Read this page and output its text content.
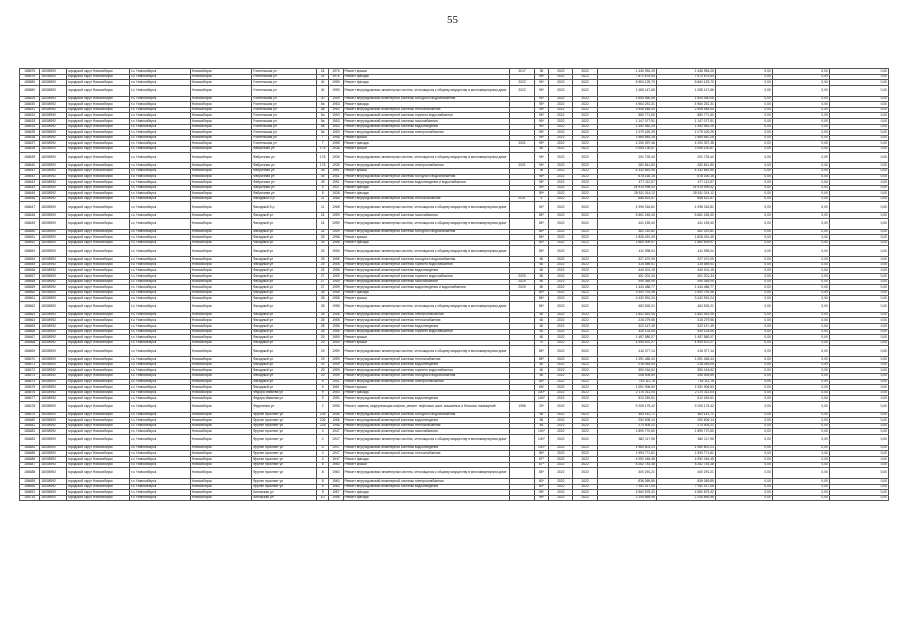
55
186875	18008992	городской округ Новосибирск	г.о. Новосибирск	Новосибирск	Учительская ул	24	1976	Ремонт крыши	2017	35	2022	2022	1 446 954,25	1 446 954,25	0,00	0,00	0,00
186876	18008992	городской округ Новосибирск	г.о. Новосибирск	Новосибирск	Учительская ул	24	1976	Ремонт фасада		95*	2022	2022	7 672 675,44	7 672 675,44	0,00	0,00	0,00
186580	18008992	городской округ Новосибирск	г.о. Новосибирск	Новосибирск	Учительская ул	40	1959	Ремонт фасада	2022	95*	2022	2022	5 654 129,70	5 654 129,70	0,00	0,00	0,00
186580	18008992	городской округ Новосибирск	г.о. Новосибирск	Новосибирск	Учительская ул	40	1959	Ремонт внутридомовых инженерных систем, относящихся к общему имуществу в многоквартирном доме	2022	95*	2022	2022	1 055 147,66	1 055 147,66	0,00	0,00	0,00
186629	18008992	городской округ Новосибирск	г.о. Новосибирск	Новосибирск	Учительская ул	40	1959	Ремонт внутридомовой инженерной системы холодного водоснабжения		95*	2022	2022	1 604 460,06	1 604 460,06	0,00	0,00	0,00
186630	18008992	городской округ Новосибирск	г.о. Новосибирск	Новосибирск	Учительская ул	5а	1953	Ремонт фасада		95*	2022	2022	4 964 251,31	4 964 251,31	0,00	0,00	0,00
186631	18008992	городской округ Новосибирск	г.о. Новосибирск	Новосибирск	Учительская ул	5а	1953	Ремонт внутридомовой инженерной системы теплоснабжения		95*	2022	2022	2 908 548,00	2 908 548,00	0,00	0,00	0,00
186632	18008992	городской округ Новосибирск	г.о. Новосибирск	Новосибирск	Учительская ул	5а	1953	Ремонт внутридомовой инженерной системы горячего водоснабжения		95*	2022	2022	880 771,60	880 771,60	0,00	0,00	0,00
186633	18008992	городской округ Новосибирск	г.о. Новосибирск	Новосибирск	Учительская ул	5а	1953	Ремонт внутридомовой инженерной системы газоснабжения		95*	2022	2022	1 147 077,51	1 147 077,51	0,00	0,00	0,00
186634	18008992	городской округ Новосибирск	г.о. Новосибирск	Новосибирск	Учительская ул	5а	1953	Ремонт внутридомовой инженерной системы водоотведения		95*	2022	2022	1 492 962,25	1 492 962,25	0,00	0,00	0,00
186635	18008992	городской округ Новосибирск	г.о. Новосибирск	Новосибирск	Учительская ул	5а	1953	Ремонт внутридомовой инженерной системы электроснабжения		95*	2022	2022	1 079 420,29	1 079 420,29	0,00	0,00	0,00
186636	18008992	городской округ Новосибирск	г.о. Новосибирск	Новосибирск	Учительская ул	7	1958	Ремонт крыши		95*	2022	2022	2 569 640,28	2 569 640,28	0,00	0,00	0,00
186637	18008992	городской округ Новосибирск	г.о. Новосибирск	Новосибирск	Учительская ул	7	1958	Ремонт фасада	2021	95*	2022	2022	4 200 397,46	4 200 397,46	0,00	0,00	0,00
186638	18008992	городской округ Новосибирск	г.о. Новосибирск	Новосибирск	Фабричная ул	176	1936	Ремонт крыши		80	2022	2022	2 054 130,87	2 054 130,87	0,00	0,00	0,00
186639	18008992	городской округ Новосибирск	г.о. Новосибирск	Новосибирск	Фабричная ул	176	1936	Ремонт внутридомовых инженерных систем, относящихся к общему имуществу в многоквартирном доме		95*	2022	2022	291 725,40	291 725,40	0,00	0,00	0,00
186640	18008992	городской округ Новосибирск	г.о. Новосибирск	Новосибирск	Фабричная ул	176	1936	Ремонт внутридомовой инженерной системы электроснабжения	2021	95*	2022	2022	282 841,80	282 841,80	0,00	0,00	0,00
186641	18008992	городской округ Новосибирск	г.о. Новосибирск	Новосибирск	Фабричная ул	49	1951	Ремонт крыши		95	2022	2022	4 332 661,95	4 332 661,95	0,00	0,00	0,00
186642	18008992	городской округ Новосибирск	г.о. Новосибирск	Новосибирск	Фабричная ул	49	1951	Ремонт внутридомовой инженерной системы холодного водоснабжения		95*	2022	2022	678 160,15	678 160,15	0,00	0,00	0,00
186643	18008992	городской округ Новосибирск	г.о. Новосибирск	Новосибирск	Фабричная ул	49	1951	Ремонт внутридомовой инженерной системы водоотведения и водоснабжения		95*	2022	2022	477 112,57	477 112,57	0,00	0,00	0,00
186644	18008992	городской округ Новосибирск	г.о. Новосибирск	Новосибирск	Фабричная ул	5	1937	Ремонт фасада		95*	2022	2022	24 914 999,42	24 914 999,42	0,00	0,00	0,00
186645	18008992	городской округ Новосибирск	г.о. Новосибирск	Новосибирск	Фабричная ул	5	1936	Ремонт фасада		89*	2022	2022	28 511 014,12	28 511 014,12	0,00	0,00	0,00
186646	18008992	городской округ Новосибирск	г.о. Новосибирск	Новосибирск	Фасадный б-р	11	1968	Ремонт внутридомовой инженерной системы теплоснабжения	2021	5	2022	2022	658 522,57	658 522,57	0,00	0,00	0,00
186647	18008992	городской округ Новосибирск	г.о. Новосибирск	Новосибирск	Фасадный б-р	11	1968	Ремонт внутридомовых инженерных систем, относящихся к общему имуществу в многоквартирном доме		52*	2022	2022	4 396 316,81	4 396 316,81	0,00	0,00	0,00
186648	18008992	городской округ Новосибирск	г.о. Новосибирск	Новосибирск	Фасадный ул	24	1959	Ремонт внутридомовой инженерной системы газоснабжения		85*	2022	2022	5 661 245,40	5 661 245,40	0,00	0,00	0,00
186649	18008992	городской округ Новосибирск	г.о. Новосибирск	Новосибирск	Фасадный ул	24	1959	Ремонт внутридомовых инженерных систем, относящихся к общему имуществу в многоквартирном доме		85*	2022	2022	441 159,40	441 159,40	0,00	0,00	0,00
186650	18008992	городской округ Новосибирск	г.о. Новосибирск	Новосибирск	Фасадный ул	24	1959	Ремонт внутридомовой инженерной системы холодного водоснабжения		85*	2022	2022	362 210,81	362 210,81	0,00	0,00	0,00
186651	18008992	городской округ Новосибирск	г.о. Новосибирск	Новосибирск	Фасадный ул	25	1956	Ремонт крыши		85*	2022	2022	1 826 491,49	1 826 491,49	0,00	0,00	0,00
186652	18008992	городской округ Новосибирск	г.о. Новосибирск	Новосибирск	Фасадный ул	25	1956	Ремонт фасада		85*	2022	2022	1 860 909,97	1 860 909,97	0,00	0,00	0,00
186653	18008992	городской округ Новосибирск	г.о. Новосибирск	Новосибирск	Фасадный ул	25	1956	Ремонт внутридомовых инженерных систем, относящихся к общему имуществу в многоквартирном доме		85*	2022	2022	411 998,04	411 998,04	0,00	0,00	0,00
186654	18008992	городской округ Новосибирск	г.о. Новосибирск	Новосибирск	Фасадный ул	25	1956	Ремонт внутридомовой инженерной системы холодного водоснабжения		60	2022	2022	227 470,09	227 470,09	0,00	0,00	0,00
186655	18008992	городской округ Новосибирск	г.о. Новосибирск	Новосибирск	Фасадный ул	25	1956	Ремонт внутридомовой инженерной системы горячего водоснабжения		60	2022	2022	315 589,01	315 589,01	0,00	0,00	0,00
186656	18008992	городской округ Новосибирск	г.о. Новосибирск	Новосибирск	Фасадный ул	25	1956	Ремонт внутридомовой инженерной системы водоотведения		60	2022	2022	440 401,15	440 401,15	0,00	0,00	0,00
186657	18008992	городской округ Новосибирск	г.о. Новосибирск	Новосибирск	Фасадный ул	27	1959	Ремонт внутридомовой инженерной системы горячего водоснабжения	2020	80	2022	2022	401 201,34	401 201,34	0,00	0,00	0,00
186658	18008992	городской округ Новосибирск	г.о. Новосибирск	Новосибирск	Фасадный ул	27	1959	Ремонт внутридомовой инженерной системы газоснабжения	2020	80	2022	2022	490 369,09	490 369,09	0,00	0,00	0,00
186659	18008992	городской округ Новосибирск	г.о. Новосибирск	Новосибирск	Фасадный ул	27	1959	Ремонт внутридомовой инженерной системы водоотведения и водоснабжения	2020	80	2022	2022	1 444 486,77	1 444 486,77	0,00	0,00	0,00
186660	18008992	городской округ Новосибирск	г.о. Новосибирск	Новосибирск	Фасадный ул	28	1958	Ремонт фасада		85*	2022	2022	2 441 791,36	2 441 791,36	0,00	0,00	0,00
186661	18008992	городской округ Новосибирск	г.о. Новосибирск	Новосибирск	Фасадный ул	28	1958	Ремонт крыши		85*	2022	2022	3 432 991,24	3 432 991,24	0,00	0,00	0,00
186662	18008992	городской округ Новосибирск	г.о. Новосибирск	Новосибирск	Фасадный ул	28	1958	Ремонт внутридомовых инженерных систем, относящихся к общему имуществу в многоквартирном доме		85*	2022	2022	463 526,21	463 526,21	0,00	0,00	0,00
186663	18008992	городской округ Новосибирск	г.о. Новосибирск	Новосибирск	Фасадный ул	28	1958	Ремонт внутридомовой инженерной системы электроснабжения		60	2022	2022	1 841 461,45	1 841 461,45	0,00	0,00	0,00
186664	18008992	городской округ Новосибирск	г.о. Новосибирск	Новосибирск	Фасадный ул	28	1958	Ремонт внутридомовой инженерной системы теплоснабжения		60	2022	2022	215 279,56	215 279,56	0,00	0,00	0,00
186665	18008992	городской округ Новосибирск	г.о. Новосибирск	Новосибирск	Фасадный ул	28	1958	Ремонт внутридомовой инженерной системы водоотведения		60	2022	2022	322 147,49	322 147,49	0,00	0,00	0,00
186666	18008992	городской округ Новосибирск	г.о. Новосибирск	Новосибирск	Фасадный ул	28	1958	Ремонт внутридомовой инженерной системы горячего водоснабжения		60	2022	2022	430 133,05	430 133,05	0,00	0,00	0,00
186667	18008992	городской округ Новосибирск	г.о. Новосибирск	Новосибирск	Фасадный ул	29	1959	Ремонт крыши		80	2022	2022	1 457 580,07	1 457 580,07	0,00	0,00	0,00
186668	18008992	городской округ Новосибирск	г.о. Новосибирск	Новосибирск	Фасадный ул	29	1959	Ремонт крыши		70	2022	2022	4 994 670,27	4 994 670,27	0,00	0,00	0,00
186669	18008992	городской округ Новосибирск	г.о. Новосибирск	Новосибирск	Фасадный ул	29	1959	Ремонт внутридомовых инженерных систем, относящихся к общему имуществу в многоквартирном доме		85*	2022	2022	416 377,14	416 377,14	0,00	0,00	0,00
186670	18008992	городской округ Новосибирск	г.о. Новосибирск	Новосибирск	Фасадный ул	29	1959	Ремонт внутридомовой инженерной системы теплоснабжения		85*	2022	2022	1 091 465,44	1 091 465,44	0,00	0,00	0,00
186671	18008992	городской округ Новосибирск	г.о. Новосибирск	Новосибирск	Фасадный ул	29	1959	Ремонт внутридомовой инженерной системы водоотведения		60	2022	2022	218 045,05	218 045,05	0,00	0,00	0,00
186672	18008992	городской округ Новосибирск	г.о. Новосибирск	Новосибирск	Фасадный ул	29	1959	Ремонт внутридомовой инженерной системы горячего водоснабжения		60	2022	2022	350 416,62	350 416,62	0,00	0,00	0,00
186673	18008992	городской округ Новосибирск	г.о. Новосибирск	Новосибирск	Фасадный ул	29	1959	Ремонт внутридомовой инженерной системы холодного водоснабжения		60	2022	2022	208 905,59	208 905,59	0,00	0,00	0,00
186674	18008992	городской округ Новосибирск	г.о. Новосибирск	Новосибирск	Фасадный ул	6	1951	Ремонт внутридомовой инженерной системы электроснабжения		85*	2022	2022	743 111,76	743 111,76	0,00	0,00	0,00
186675	18008992	городской округ Новосибирск	г.о. Новосибирск	Новосибирск	Фасадный ул	6	1951	Ремонт крыши		65*	2022	2022	1 051 906,53	1 051 906,53	0,00	0,00	0,00
186676	18008992	городской округ Новосибирск	г.о. Новосибирск	Новосибирск	Федора Ивачева ул	9	1950	Ремонт фасада		100*	2022	2022	2 170 311,04	2 170 311,04	0,00	0,00	0,00
186677	18008992	городской округ Новосибирск	г.о. Новосибирск	Новосибирск	Федора Ивачева ул	9	1950	Ремонт внутридомовой инженерной системы водоотведения		100*	2022	2022	512 249,51	512 249,51	0,00	0,00	0,00
186678	18008992	городской округ Новосибирск	г.о. Новосибирск	Новосибирск	Федосеева ул	2	1995	Ремонт, замена, модернизация лифтов, ремонт лифтовых шахт, машинных и блочных помещений	1996	25*	2022	2022	9 205 175,42	9 205 175,42	0,00	0,00	0,00
186679	18008992	городской округ Новосибирск	г.о. Новосибирск	Новосибирск	Фрунзе проспект ул	226	1956	Ремонт внутридомовой инженерной системы холодного водоснабжения		65	2022	2022	363 141,71	363 141,71	0,00	0,00	0,00
186680	18008992	городской округ Новосибирск	г.о. Новосибирск	Новосибирск	Фрунзе проспект ул	226	1956	Ремонт внутридомовой инженерной системы водоотведения		65	2022	2022	252 606,14	252 606,14	0,00	0,00	0,00
186681	18008992	городской округ Новосибирск	г.о. Новосибирск	Новосибирск	Фрунзе проспект ул	226	1956	Ремонт внутридомовой инженерной системы теплоснабжения		65	2022	2022	274 904,21	274 904,21	0,00	0,00	0,00
186682	18008992	городской округ Новосибирск	г.о. Новосибирск	Новосибирск	Фрунзе проспект ул	4	1947	Ремонт внутридомовой инженерной системы газоснабжения		100*	2022	2022	1 890 770,60	1 890 770,60	0,00	0,00	0,00
186683	18008992	городской округ Новосибирск	г.о. Новосибирск	Новосибирск	Фрунзе проспект ул	4	1947	Ремонт внутридомовых инженерных систем, относящихся к общему имуществу в многоквартирном доме		100*	2022	2022	582 117,96	582 117,96	0,00	0,00	0,00
186684	18008992	городской округ Новосибирск	г.о. Новосибирск	Новосибирск	Фрунзе проспект ул	4	1947	Ремонт внутридомовой инженерной системы водоотведения		100*	2022	2022	1 960 801,23	1 960 801,23	0,00	0,00	0,00
186685	18008992	городской округ Новосибирск	г.о. Новосибирск	Новосибирск	Фрунзе проспект ул	4	1947	Ремонт внутридомовой инженерной системы теплоснабжения		89*	2022	2022	1 993 771,61	1 993 771,61	0,00	0,00	0,00
186686	18008992	городской округ Новосибирск	г.о. Новосибирск	Новосибирск	Фрунзе проспект ул	4	1947	Ремонт фасада		87*	2022	2022	4 092 446,45	4 092 446,45	0,00	0,00	0,00
186687	18008992	городской округ Новосибирск	г.о. Новосибирск	Новосибирск	Фрунзе проспект ул	8	1960	Ремонт крыши		87*	2022	2022	5 262 744,38	5 262 744,38	0,00	0,00	0,00
186688	18008992	городской округ Новосибирск	г.о. Новосибирск	Новосибирск	Фрунзе проспект ул	8	1960	Ремонт внутридомовых инженерных систем, относящихся к общему имуществу в многоквартирном доме		85*	2022	2022	400 291,21	400 291,21	0,00	0,00	0,00
186689	18008992	городской округ Новосибирск	г.о. Новосибирск	Новосибирск	Фрунзе проспект ул	8	1960	Ремонт внутридомовой инженерной системы электроснабжения		80*	2022	2022	836 069,85	836 069,85	0,00	0,00	0,00
186690	18008992	городской округ Новосибирск	г.о. Новосибирск	Новосибирск	Фрунзе проспект ул	8	1960	Ремонт внутридомовой инженерной системы водоотведения		80*	2022	2022	7 911 417,05	7 911 417,05	0,00	0,00	0,00
186691	18008992	городской округ Новосибирск	г.о. Новосибирск	Новосибирск	Хилокская ул	9	1957	Ремонт фасада		95*	2022	2022	4 962 875,32	4 962 875,32	0,00	0,00	0,00
186744	18008992	городской округ Новосибирск	г.о. Новосибирск	Новосибирск	Хилокская ул	10	1956	Ремонт фасада		95*	2022	2022	2 205 865,96	2 205 865,96	0,00	0,00	0,00
